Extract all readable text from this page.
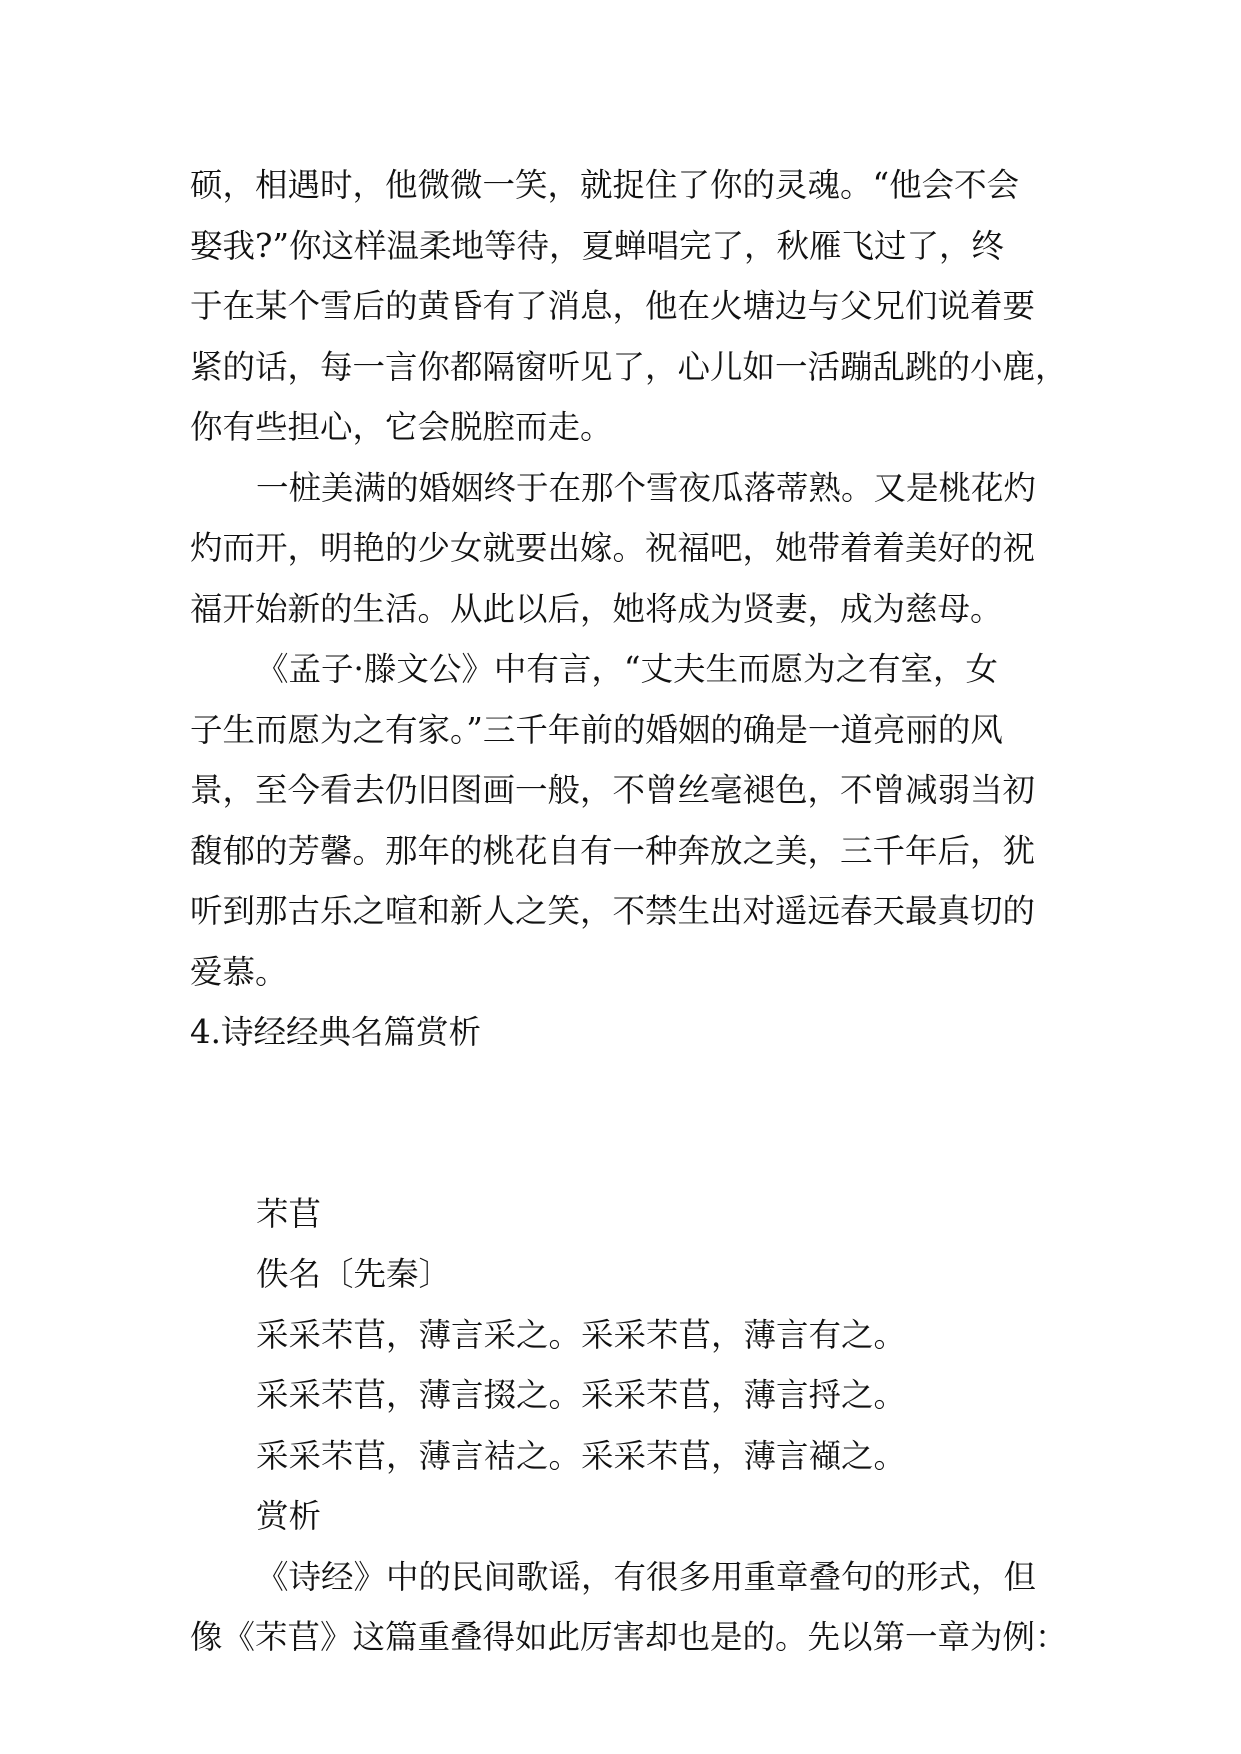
硕，相遇时，他微微一笑，就捉住了你的灵魂。“他会不会
娶我?”你这样温柔地等待，夏蝉唱完了，秋雁飞过了，终
于在某个雪后的黄昏有了消息，他在火塘边与父兄们说着要
紧的话，每一言你都隔窗听见了，心儿如一活蹦乱跳的小鹿，
你有些担心，它会脱腔而走。
一桩美满的婚姻终于在那个雪夜瓜落蒂熟。又是桃花灼
灼而开，明艳的少女就要出嫁。祝福吧，她带着着美好的祝
福开始新的生活。从此以后，她将成为贤妻，成为慈母。
《孟子·滕文公》中有言，“丈夫生而愿为之有室，女
子生而愿为之有家。”三千年前的婚姻的确是一道亮丽的风
景，至今看去仍旧图画一般，不曾丝毫褪色，不曾减弱当初
馥郁的芳馨。那年的桃花自有一种奔放之美，三千年后，犹
听到那古乐之喧和新人之笑，不禁生出对遥远春天最真切的
爱慕。
4.诗经经典名篇赏析
芣苢
佚名〔先秦〕
采采芣苢，薄言采之。采采芣苢，薄言有之。
采采芣苢，薄言掇之。采采芣苢，薄言捋之。
采采芣苢，薄言袺之。采采芣苢，薄言襭之。
赏析
《诗经》中的民间歌谣，有很多用重章叠句的形式，但
像《芣苢》这篇重叠得如此厉害却也是的。先以第一章为例：
